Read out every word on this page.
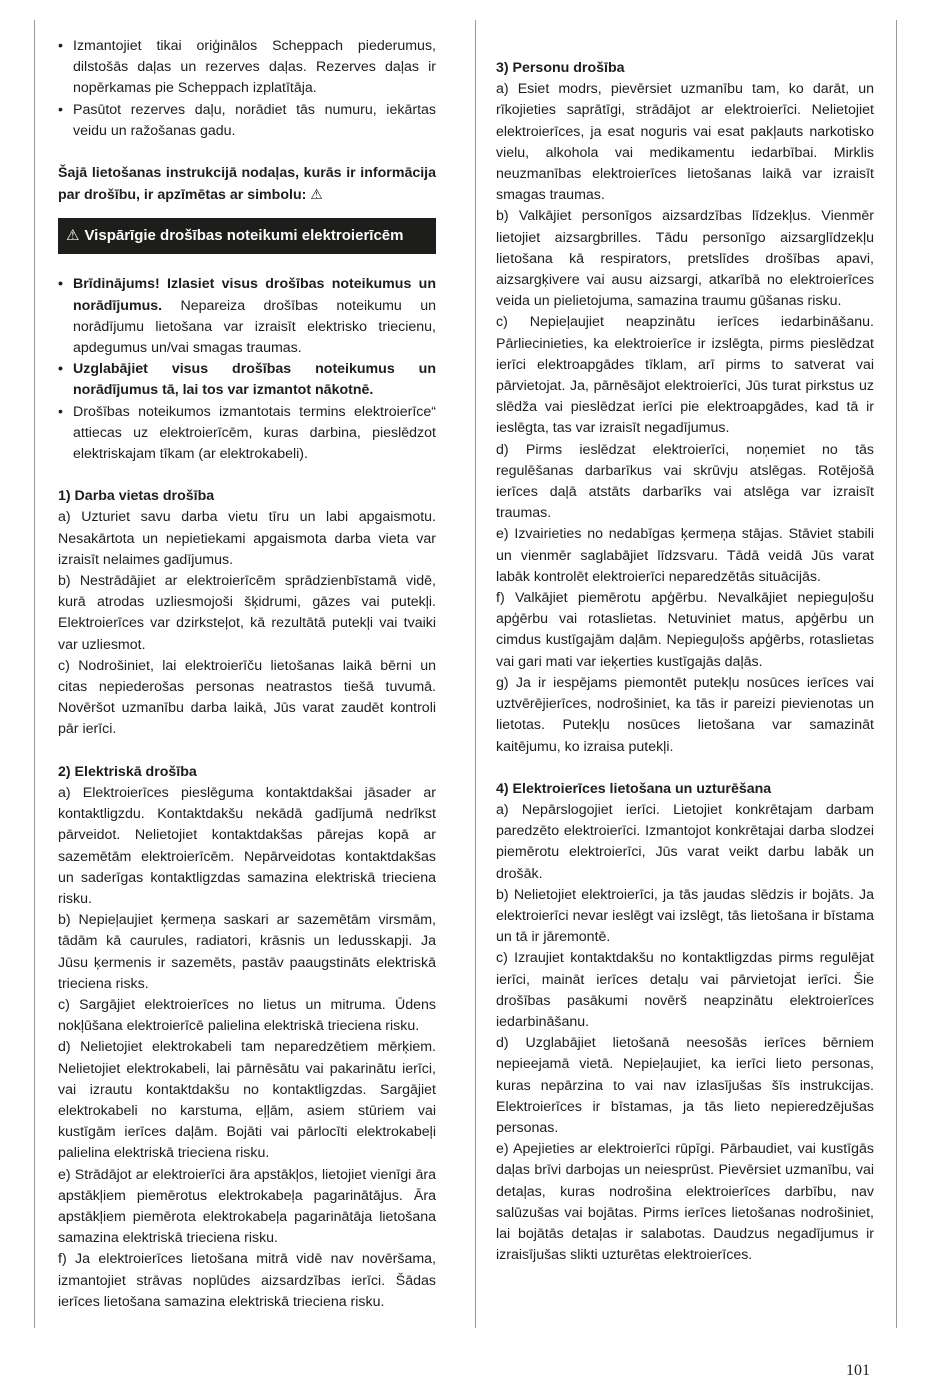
• Izmantojiet tikai oriģinālos Scheppach piederumus, dilstošās daļas un rezerves daļas. Rezerves daļas ir nopērkamas pie Scheppach izplatītāja.

• Pasūtot rezerves daļu, norādiet tās numuru, iekārtas veidu un ražošanas gadu.

Šajā lietošanas instrukcijā nodaļas, kurās ir informācija par drošību, ir apzīmētas ar simbolu: ⚠

⚠ Vispārīgie drošības noteikumi elektroierīcēm

• Brīdinājums! Izlasiet visus drošības noteikumus un norādījumus. Nepareiza drošības noteikumu un norādījumu lietošana var izraisīt elektrisko triecienu, apdegumus un/vai smagas traumas.

• Uzglabājiet visus drošības noteikumus un norādījumus tā, lai tos var izmantot nākotnē.

• Drošības noteikumos izmantotais termins elektroierīce“ attiecas uz elektroierīcēm, kuras darbina, pieslēdzot elektriskajam tīkam (ar elektrokabeli).

1) Darba vietas drošība

a) Uzturiet savu darba vietu tīru un labi apgaismotu. Nesakārtota un nepietiekami apgaismota darba vieta var izraisīt nelaimes gadījumus.

b) Nestrādājiet ar elektroierīcēm sprādzienbīstamā vidē, kurā atrodas uzliesmojoši šķidrumi, gāzes vai putekļi. Elektroierīces var dzirksteļot, kā rezultātā putekļi vai tvaiki var uzliesmot.

c) Nodrošiniet, lai elektroierīču lietošanas laikā bērni un citas nepiederošas personas neatrastos tiešā tuvumā. Novēršot uzmanību darba laikā, Jūs varat zaudēt kontroli pār ierīci.

2) Elektriskā drošība

a) Elektroierīces pieslēguma kontaktdakšai jāsader ar kontaktligzdu. Kontaktdakšu nekādā gadījumā nedrīkst pārveidot. Nelietojiet kontaktdakšas pārejas kopā ar sazemētām elektroierīcēm. Nepārveidotas kontaktdakšas un saderīgas kontaktligzdas samazina elektriskā trieciena risku.

b) Nepieļaujiet ķermeņa saskari ar sazemētām virsmām, tādām kā caurules, radiatori, krāsnis un ledusskapji. Ja Jūsu ķermenis ir sazemēts, pastāv paaugstināts elektriskā trieciena risks.

c) Sargājiet elektroierīces no lietus un mitruma. Ūdens nokļūšana elektroierīcē palielina elektriskā trieciena risku.

d) Nelietojiet elektrokabeli tam neparedzētiem mērķiem. Nelietojiet elektrokabeli, lai pārnēsātu vai pakarinātu ierīci, vai izrautu kontaktdakšu no kontaktligzdas. Sargājiet elektrokabeli no karstuma, eļļām, asiem stūriem vai kustīgām ierīces daļām. Bojāti vai pārlocīti elektrokabeļi palielina elektriskā trieciena risku.

e) Strādājot ar elektroierīci āra apstākļos, lietojiet vienīgi āra apstākļiem piemērotus elektrokabeļa pagarinātājus. Āra apstākļiem piemērota elektrokabeļa pagarinātāja lietošana samazina elektriskā trieciena risku.

f) Ja elektroierīces lietošana mitrā vidē nav novēršama, izmantojiet strāvas noplūdes aizsardzības ierīci. Šādas ierīces lietošana samazina elektriskā trieciena risku.

3) Personu drošība

a) Esiet modrs, pievērsiet uzmanību tam, ko darāt, un rīkojieties saprātīgi, strādājot ar elektroierīci. Nelietojiet elektroierīces, ja esat noguris vai esat pakļauts narkotisko vielu, alkohola vai medikamentu iedarbībai. Mirklis neuzmanības elektroierīces lietošanas laikā var izraisīt smagas traumas.

b) Valkājiet personīgos aizsardzības līdzekļus. Vienmēr lietojiet aizsargbrilles. Tādu personīgo aizsarglīdzekļu lietošana kā respirators, pretslīdes drošības apavi, aizsargķivere vai ausu aizsargi, atkarībā no elektroierīces veida un pielietojuma, samazina traumu gūšanas risku.

c) Nepieļaujiet neapzinātu ierīces iedarbināšanu. Pārliecinieties, ka elektroierīce ir izslēgta, pirms pieslēdzat ierīci elektroapgādes tīklam, arī pirms to satverat vai pārvietojat. Ja, pārnēsājot elektroierīci, Jūs turat pirkstus uz slēdža vai pieslēdzat ierīci pie elektroapgādes, kad tā ir ieslēgta, tas var izraisīt negadījumus.

d) Pirms ieslēdzat elektroierīci, noņemiet no tās regulēšanas darbarīkus vai skrūvju atslēgas. Rotējošā ierīces daļā atstāts darbarīks vai atslēga var izraisīt traumas.

e) Izvairieties no nedabīgas ķermeņa stājas. Stāviet stabili un vienmēr saglabājiet līdzsvaru. Tādā veidā Jūs varat labāk kontrolēt elektroierīci neparedzētās situācijās.

f) Valkājiet piemērotu apģērbu. Nevalkājiet nepieguļošu apģērbu vai rotaslietas. Netuviniet matus, apģērbu un cimdus kustīgajām daļām. Nepieguļošs apģērbs, rotaslietas vai gari mati var ieķerties kustīgajās daļās.

g) Ja ir iespējams piemontēt putekļu nosūces ierīces vai uztvērējierīces, nodrošiniet, ka tās ir pareizi pievienotas un lietotas. Putekļu nosūces lietošana var samazināt kaitējumu, ko izraisa putekļi.

4) Elektroierīces lietošana un uzturēšana

a) Nepārslogojiet ierīci. Lietojiet konkrētajam darbam paredzēto elektroierīci. Izmantojot konkrētajai darba slodzei piemērotu elektroierīci, Jūs varat veikt darbu labāk un drošāk.

b) Nelietojiet elektroierīci, ja tās jaudas slēdzis ir bojāts. Ja elektroierīci nevar ieslēgt vai izslēgt, tās lietošana ir bīstama un tā ir jāremontē.

c) Izraujiet kontaktdakšu no kontaktligzdas pirms regulējat ierīci, maināt ierīces detaļu vai pārvietojat ierīci. Šie drošības pasākumi novērš neapzinātu elektroierīces iedarbināšanu.

d) Uzglabājiet lietošanā neesošās ierīces bērniem nepieejamā vietā. Nepieļaujiet, ka ierīci lieto personas, kuras nepārzina to vai nav izlasījušas šīs instrukcijas. Elektroierīces ir bīstamas, ja tās lieto nepieredzējušas personas.

e) Apejieties ar elektroierīci rūpīgi. Pārbaudiet, vai kustīgās daļas brīvi darbojas un neiesprūst. Pievērsiet uzmanību, vai detaļas, kuras nodrošina elektroierīces darbību, nav salūzušas vai bojātas. Pirms ierīces lietošanas nodrošiniet, lai bojātās detaļas ir salabotas. Daudzus negadījumus ir izraisījušas slikti uzturētas elektroierīces.

101
